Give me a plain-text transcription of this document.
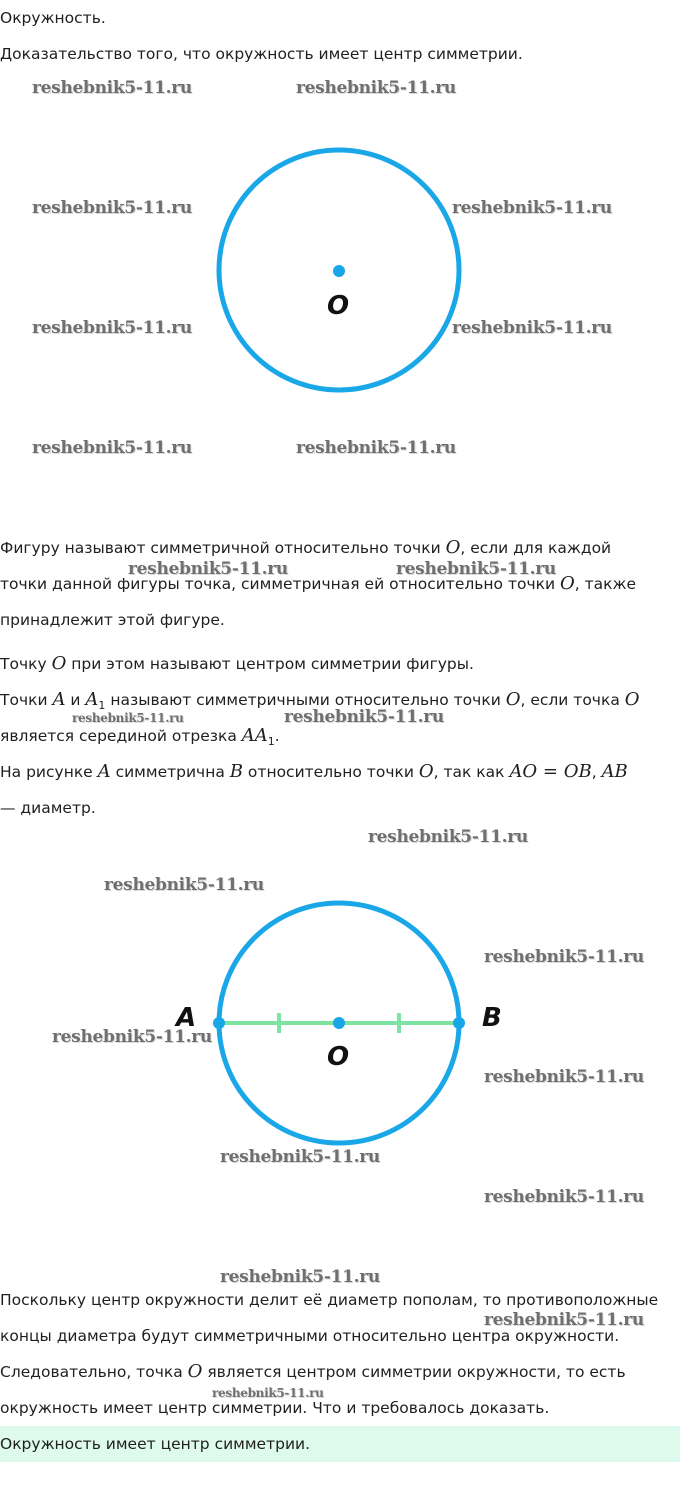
Окружность.
Доказательство того, что окружность имеет центр симметрии.
O
Фигуру называют симметричной относительно точки O, если для каждой
точки данной фигуры точка, симметричная ей относительно точки O, также
принадлежит этой фигуре.
Точку O при этом называют центром симметрии фигуры.
Точки A и $A_1$ называют симметричными относительно точки O, если точка O
является серединой отрезка $AA_1$.
На рисунке A симметрична B относительно точки O, так как AO = OB, AB
— диаметр.
A	B
O
Поскольку центр окружности делит её диаметр пополам, то противоположные
концы диаметра будут симметричными относительно центра окружности.
Следовательно, точка O является центром симметрии окружности, то есть
окружность имеет центр симметрии. Что и требовалось доказать.
Окружность имеет центр симметрии.
reshebnik5-11.ru	reshebnik5-11.ru
reshebnik5-11.ru	reshebnik5-11.ru
reshebnik5-11.ru	reshebnik5-11.ru
reshebnik5-11.ru	reshebnik5-11.ru
reshebnik5-11.ru	reshebnik5-11.ru
reshebnik5-11.ru	reshebnik5-11.ru
reshebnik5-11.ru
reshebnik5-11.ru
reshebnik5-11.ru
reshebnik5-11.ru
reshebnik5-11.ru
reshebnik5-11.ru
reshebnik5-11.ru
reshebnik5-11.ru
reshebnik5-11.ru
reshebnik5-11.ru
